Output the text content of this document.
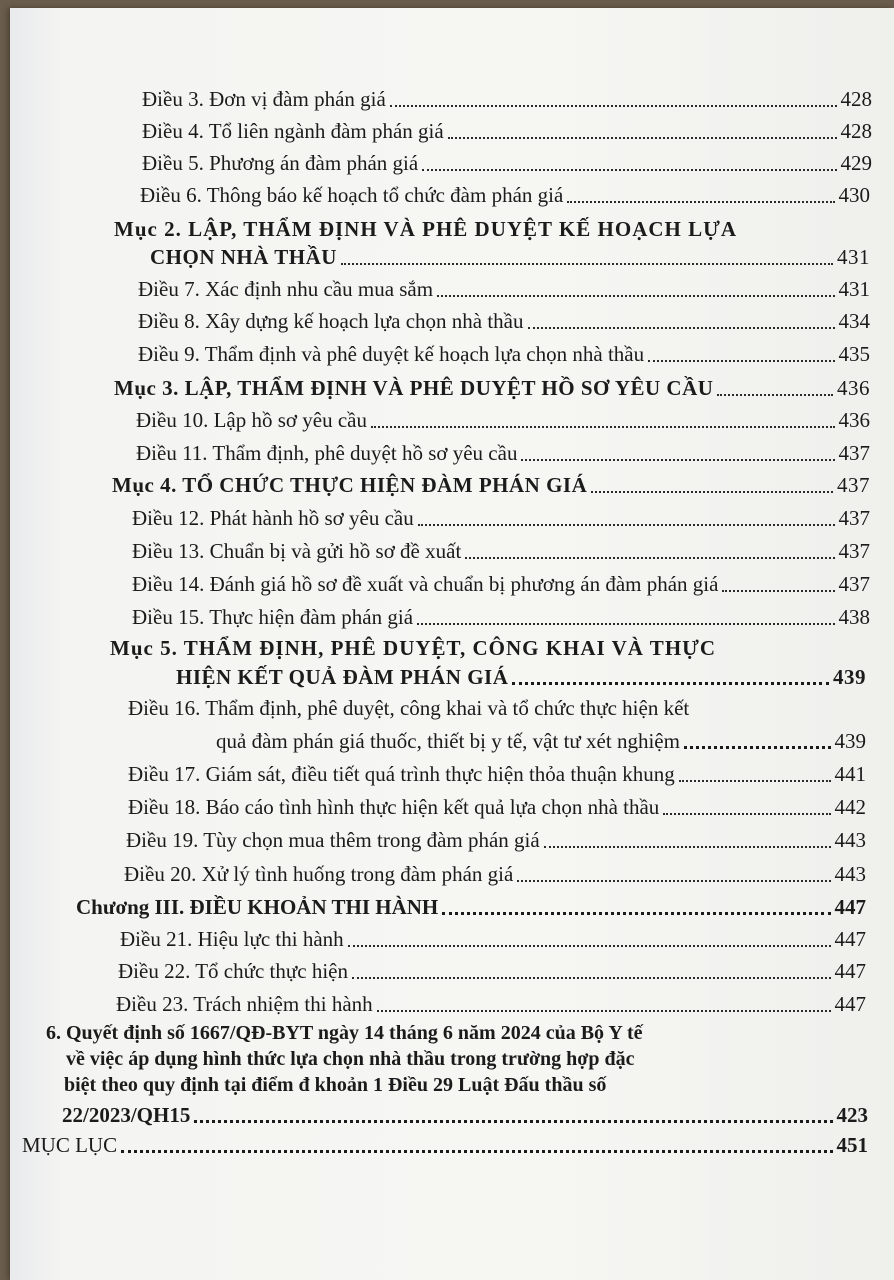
Điều 3. Đơn vị đàm phán giá	428
Điều 4. Tổ liên ngành đàm phán giá	428
Điều 5. Phương án đàm phán giá	429
Điều 6. Thông báo kế hoạch tổ chức đàm phán giá	430
Mục 2. LẬP, THẨM ĐỊNH VÀ PHÊ DUYỆT KẾ HOẠCH LỰA
CHỌN NHÀ THẦU	431
Điều 7. Xác định nhu cầu mua sắm	431
Điều 8. Xây dựng kế hoạch lựa chọn nhà thầu	434
Điều 9. Thẩm định và phê duyệt kế hoạch lựa chọn nhà thầu	435
Mục 3. LẬP, THẨM ĐỊNH VÀ PHÊ DUYỆT HỒ SƠ YÊU CẦU	436
Điều 10. Lập hồ sơ yêu cầu	436
Điều 11. Thẩm định, phê duyệt hồ sơ yêu cầu	437
Mục 4. TỔ CHỨC THỰC HIỆN ĐÀM PHÁN GIÁ	437
Điều 12. Phát hành hồ sơ yêu cầu	437
Điều 13. Chuẩn bị và gửi hồ sơ đề xuất	437
Điều 14. Đánh giá hồ sơ đề xuất và chuẩn bị phương án đàm phán giá	437
Điều 15. Thực hiện đàm phán giá	438
Mục 5. THẨM ĐỊNH, PHÊ DUYỆT, CÔNG KHAI VÀ THỰC
HIỆN KẾT QUẢ ĐÀM PHÁN GIÁ	439
Điều 16. Thẩm định, phê duyệt, công khai và tổ chức thực hiện kết
quả đàm phán giá thuốc, thiết bị y tế, vật tư xét nghiệm	439
Điều 17. Giám sát, điều tiết quá trình thực hiện thỏa thuận khung	441
Điều 18. Báo cáo tình hình thực hiện kết quả lựa chọn nhà thầu	442
Điều 19. Tùy chọn mua thêm trong đàm phán giá	443
Điều 20. Xử lý tình huống trong đàm phán giá	443
Chương III. ĐIỀU KHOẢN THI HÀNH	447
Điều 21. Hiệu lực thi hành	447
Điều 22. Tổ chức thực hiện	447
Điều 23. Trách nhiệm thi hành	447
6. Quyết định số 1667/QĐ-BYT ngày 14 tháng 6 năm 2024 của Bộ Y tế
về việc áp dụng hình thức lựa chọn nhà thầu trong trường hợp đặc
biệt theo quy định tại điểm đ khoản 1 Điều 29 Luật Đấu thầu số
22/2023/QH15	423
MỤC LỤC	451
